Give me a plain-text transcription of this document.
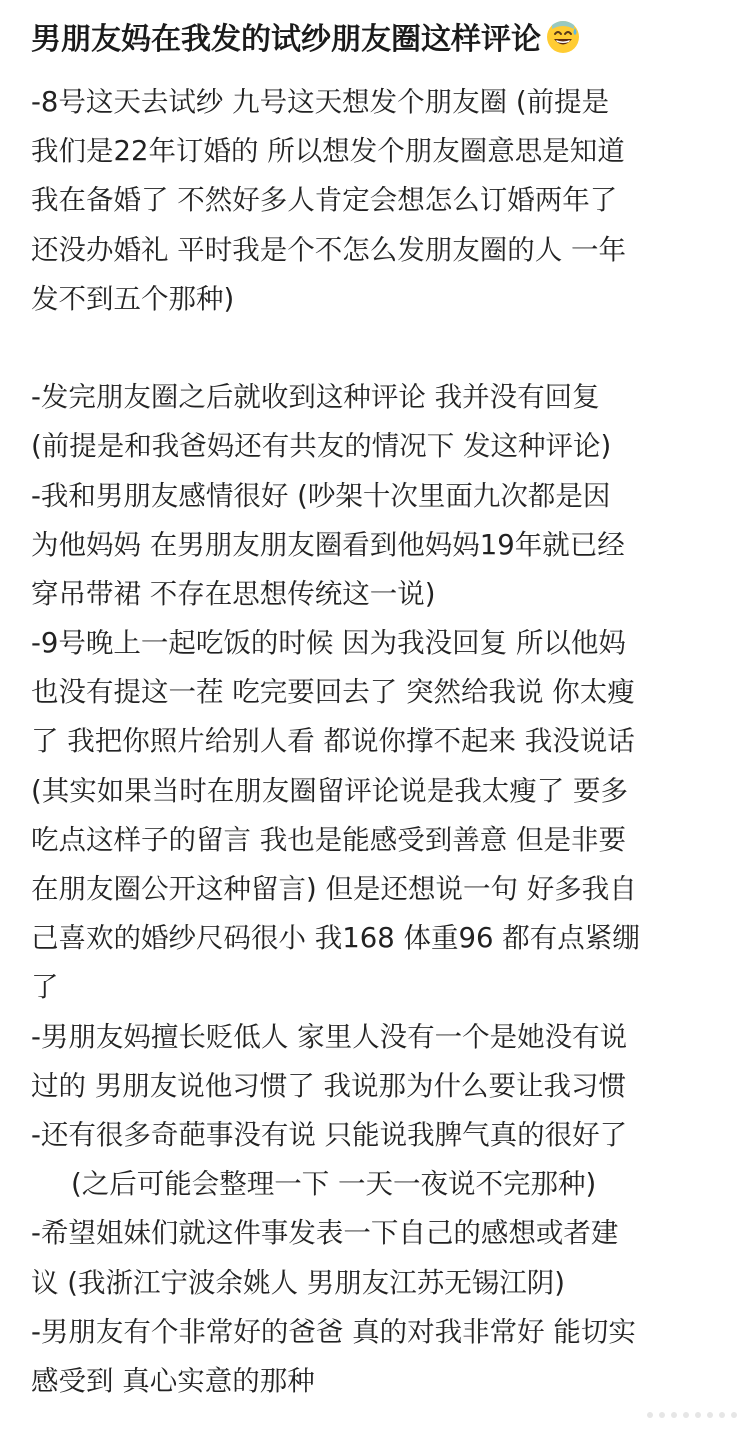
男朋友妈在我发的试纱朋友圈这样评论
-8号这天去试纱 九号这天想发个朋友圈 (前提是
我们是22年订婚的 所以想发个朋友圈意思是知道
我在备婚了 不然好多人肯定会想怎么订婚两年了
还没办婚礼 平时我是个不怎么发朋友圈的人 一年
发不到五个那种)
-发完朋友圈之后就收到这种评论 我并没有回复
(前提是和我爸妈还有共友的情况下 发这种评论)
-我和男朋友感情很好 (吵架十次里面九次都是因
为他妈妈 在男朋友朋友圈看到他妈妈19年就已经
穿吊带裙 不存在思想传统这一说)
-9号晚上一起吃饭的时候 因为我没回复 所以他妈
也没有提这一茬 吃完要回去了 突然给我说 你太瘦
了 我把你照片给别人看 都说你撑不起来 我没说话
(其实如果当时在朋友圈留评论说是我太瘦了 要多
吃点这样子的留言 我也是能感受到善意 但是非要
在朋友圈公开这种留言) 但是还想说一句 好多我自
己喜欢的婚纱尺码很小 我168 体重96 都有点紧绷
了
-男朋友妈擅长贬低人 家里人没有一个是她没有说
过的 男朋友说他习惯了 我说那为什么要让我习惯
-还有很多奇葩事没有说 只能说我脾气真的很好了
(之后可能会整理一下 一天一夜说不完那种)
-希望姐妹们就这件事发表一下自己的感想或者建
议 (我浙江宁波余姚人 男朋友江苏无锡江阴)
-男朋友有个非常好的爸爸 真的对我非常好 能切实
感受到 真心实意的那种
